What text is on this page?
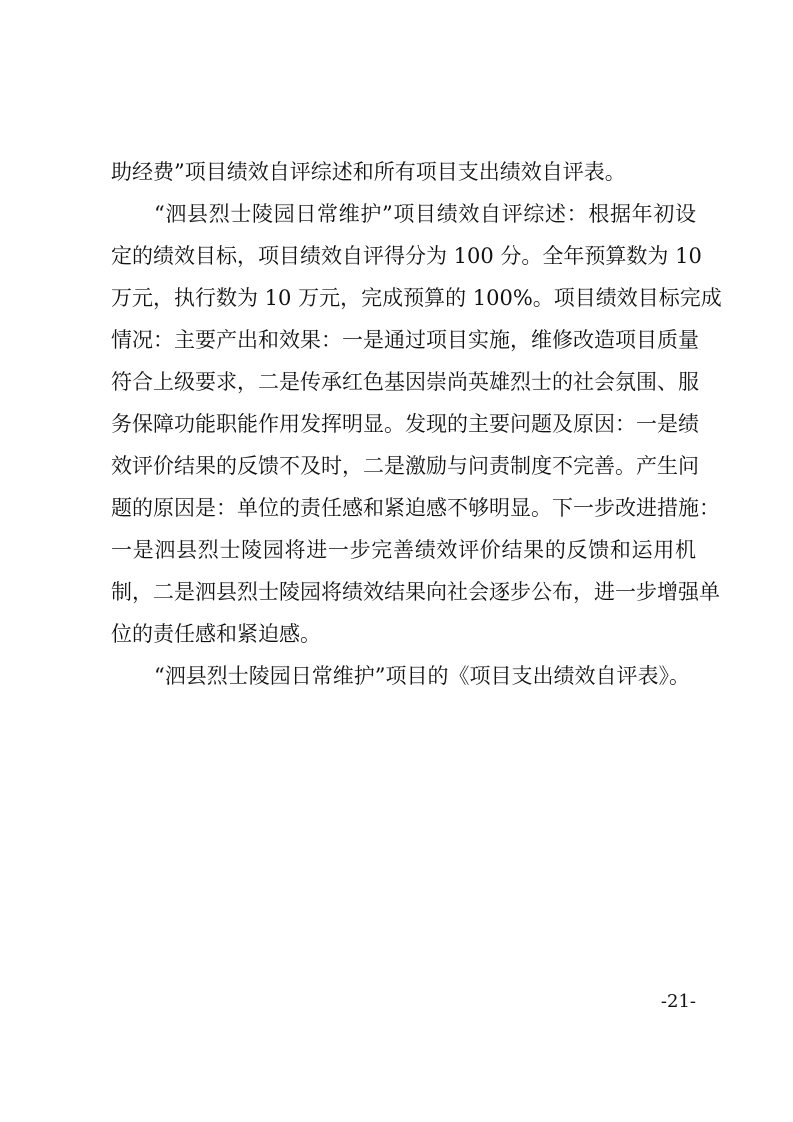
助经费”项目绩效自评综述和所有项目支出绩效自评表。
“泗县烈士陵园日常维护”项目绩效自评综述：根据年初设
定的绩效目标，项目绩效自评得分为 100 分。全年预算数为 10
万元，执行数为 10 万元，完成预算的 100%。项目绩效目标完成
情况：主要产出和效果：一是通过项目实施，维修改造项目质量
符合上级要求，二是传承红色基因崇尚英雄烈士的社会氛围、服
务保障功能职能作用发挥明显。发现的主要问题及原因：一是绩
效评价结果的反馈不及时，二是激励与问责制度不完善。产生问
题的原因是：单位的责任感和紧迫感不够明显。下一步改进措施：
一是泗县烈士陵园将进一步完善绩效评价结果的反馈和运用机
制，二是泗县烈士陵园将绩效结果向社会逐步公布，进一步增强单
位的责任感和紧迫感。
“泗县烈士陵园日常维护”项目的《项目支出绩效自评表》。
-21-
